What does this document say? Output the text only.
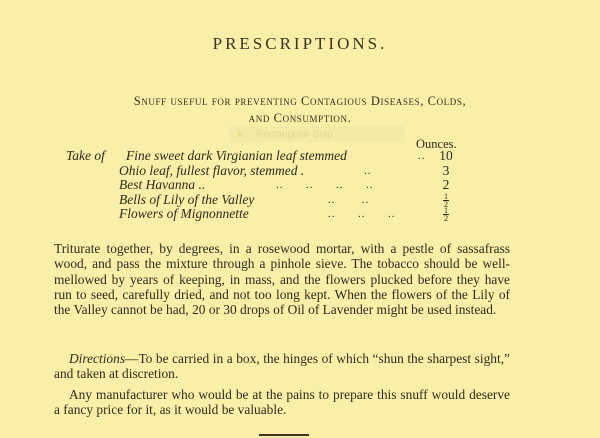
PRESCRIPTIONS.
Snuff useful for preventing Contagious Diseases, Colds,
and Consumption.
Rectangular Snip
Ounces.
Take of Fine sweet dark Virgianian leaf stemmed	.. 10
Ohio leaf, fullest flavor, stemmed .	..	3
Best Havanna ..	..      ..      ..      ..	2
Bells of Lily of the Valley	..       ..	$\frac{1}{2}$
Flowers of Mignonnette	..      ..      ..	$\frac{1}{2}$
Triturate together, by degrees, in a rosewood mortar, with a pestle of sassafrass wood, and pass the mixture through a pinhole sieve. The tobacco should be well-mellowed by years of keeping, in mass, and the flowers plucked before they have run to seed, carefully dried, and not too long kept. When the flowers of the Lily of the Valley cannot be had, 20 or 30 drops of Oil of Lavender might be used instead.
Directions—To be carried in a box, the hinges of which “shun the sharpest sight,” and taken at discretion.
Any manufacturer who would be at the pains to prepare this snuff would deserve a fancy price for it, as it would be valuable.
